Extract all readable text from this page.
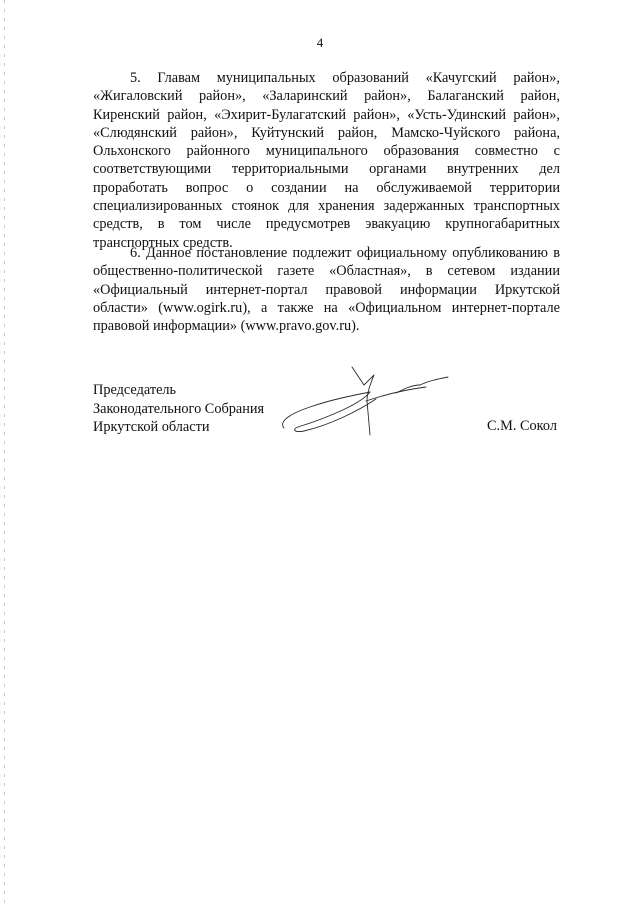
4

5. Главам муниципальных образований «Качугский район», «Жигаловский район», «Заларинский район», Балаганский район, Киренский район, «Эхирит-Булагатский район», «Усть-Удинский район», «Слюдянский район», Куйтунский район, Мамско-Чуйского района, Ольхонского районного муниципального образования совместно с соответствующими территориальными органами внутренних дел проработать вопрос о создании на обслуживаемой территории специализированных стоянок для хранения задержанных транспортных средств, в том числе предусмотрев эвакуацию крупногабаритных транспортных средств.

6. Данное постановление подлежит официальному опубликованию в общественно-политической газете «Областная», в сетевом издании «Официальный интернет-портал правовой информации Иркутской области» (www.ogirk.ru), а также на «Официальном интернет-портале правовой информации» (www.pravo.gov.ru).

Председатель
Законодательного Собрания
Иркутской области	С.М. Сокол
